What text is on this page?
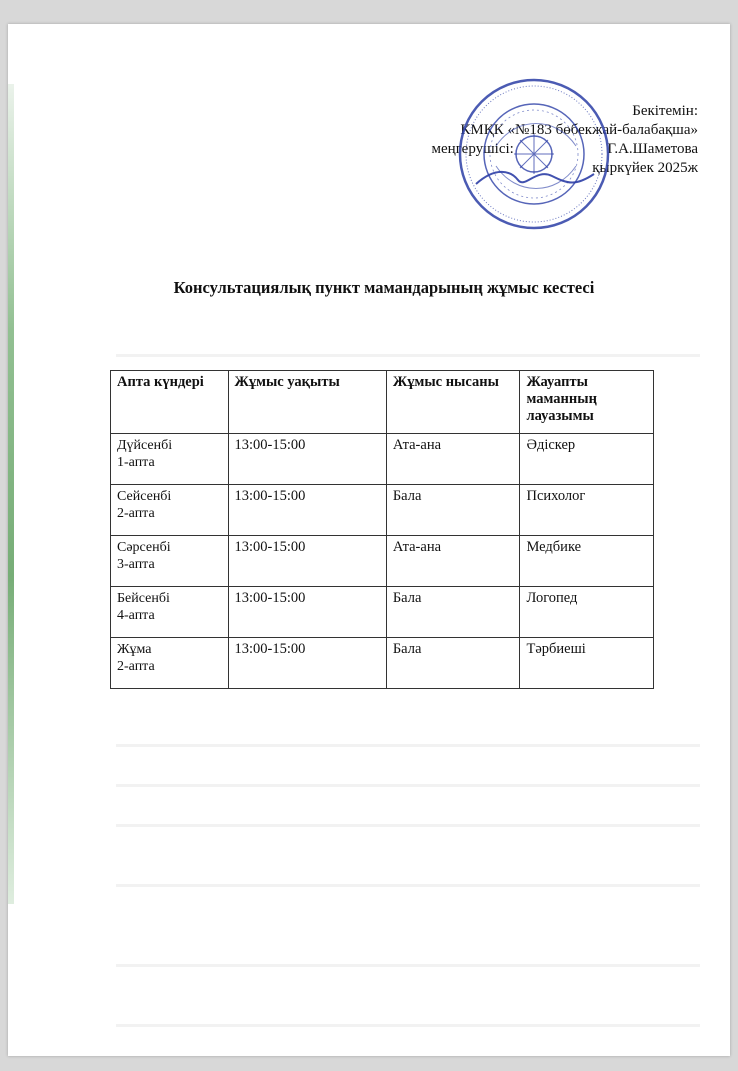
Бекітемін:
КМҚК «№183 бөбекжай-балабақша»
меңгерушісі:	Г.А.Шаметова
қыркүйек 2025ж
Консультациялық пункт мамандарының жұмыс кестесі
Апта күндері	Жұмыс уақыты	Жұмыс нысаны	Жауапты маманның лауазымы

Дүйсенбі
1-апта	13:00-15:00	Ата-ана	Әдіскер

Сейсенбі
2-апта	13:00-15:00	Бала	Психолог

Сәрсенбі
3-апта	13:00-15:00	Ата-ана	Медбике

Бейсенбі
4-апта	13:00-15:00	Бала	Логопед

Жұма
2-апта	13:00-15:00	Бала	Тәрбиеші
